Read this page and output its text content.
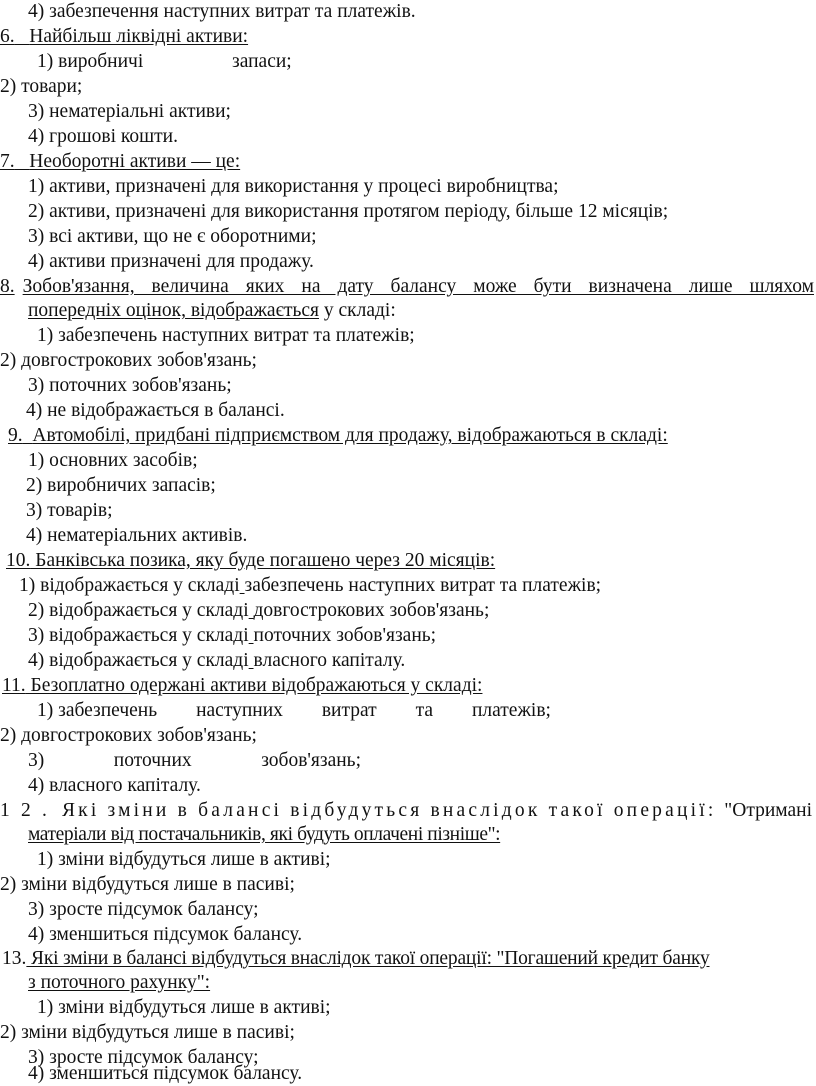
4) забезпечення наступних витрат та платежів.
6. Найбільш ліквідні активи:
1) виробничі	запаси;
2) товари;
3) нематеріальні активи;
4) грошові кошти.
7. Необоротні активи — це:
1) активи, призначені для використання у процесі виробництва;
2) активи, призначені для використання протягом періоду, більше 12 місяців;
3) всі активи, що не є оборотними;
4) активи призначені для продажу.
8. Зобов'язання, величина яких на дату балансу може бути визначена лише шляхом
попередніх оцінок, відображається у складі:
1) забезпечень наступних витрат та платежів;
2) довгострокових зобов'язань;
3) поточних зобов'язань;
4) не відображається в балансі.
9. Автомобілі, придбані підприємством для продажу, відображаються в складі:
1) основних засобів;
2) виробничих запасів;
3) товарів;
4) нематеріальних активів.
10. Банківська позика, яку буде погашено через 20 місяців:
1) відображається у складі забезпечень наступних витрат та платежів;
2) відображається у складі довгострокових зобов'язань;
3) відображається у складі поточних зобов'язань;
4) відображається у складі власного капіталу.
11. Безоплатно одержані активи відображаються у складі:
1) забезпечень наступних витрат та платежів;
2) довгострокових зобов'язань;
3)	поточних	зобов'язань;
4) власного капіталу.
1 2 . Які зміни в балансі відбудуться внаслідок такої операції: "Отримані
матеріали від постачальників, які будуть оплачені пізніше":
1) зміни відбудуться лише в активі;
2) зміни відбудуться лише в пасиві;
3) зросте підсумок балансу;
4) зменшиться підсумок балансу.
13. Які зміни в балансі відбудуться внаслідок такої операції: "Погашений кредит банку
з поточного рахунку":
1) зміни відбудуться лише в активі;
2) зміни відбудуться лише в пасиві;
3) зросте підсумок балансу;
4) зменшиться підсумок балансу.
